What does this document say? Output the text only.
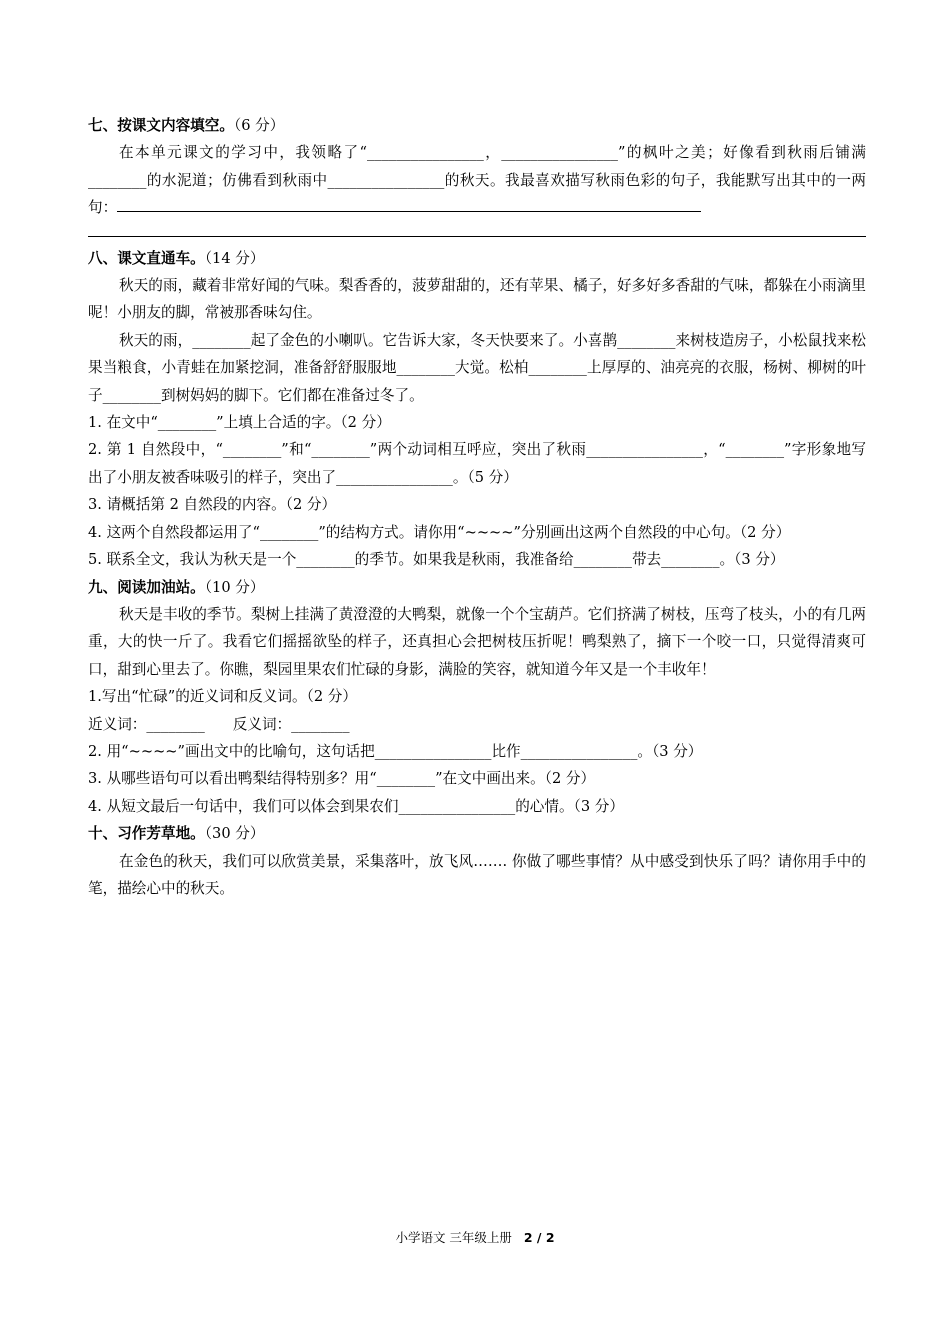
七、按课文内容填空。（6 分）

在本单元课文的学习中，我领略了“________________，________________”的枫叶之美；好像看到秋雨后铺满________的水泥道；仿佛看到秋雨中________________的秋天。我最喜欢描写秋雨色彩的句子，我能默写出其中的一两句：

八、课文直通车。（14 分）

秋天的雨，藏着非常好闻的气味。梨香香的，菠萝甜甜的，还有苹果、橘子，好多好多香甜的气味，都躲在小雨滴里呢！小朋友的脚，常被那香味勾住。

秋天的雨，________起了金色的小喇叭。它告诉大家，冬天快要来了。小喜鹊________来树枝造房子，小松鼠找来松果当粮食，小青蛙在加紧挖洞，准备舒舒服服地________大觉。松柏________上厚厚的、油亮亮的衣服，杨树、柳树的叶子________到树妈妈的脚下。它们都在准备过冬了。

1. 在文中“________”上填上合适的字。（2 分）

2. 第 1 自然段中，“________”和“________”两个动词相互呼应，突出了秋雨________________，“________”字形象地写出了小朋友被香味吸引的样子，突出了________________。（5 分）

3. 请概括第 2 自然段的内容。（2 分）

4. 这两个自然段都运用了“________”的结构方式。请你用“~~~~”分别画出这两个自然段的中心句。（2 分）

5. 联系全文，我认为秋天是一个________的季节。如果我是秋雨，我准备给________带去________。（3 分）

九、阅读加油站。（10 分）

秋天是丰收的季节。梨树上挂满了黄澄澄的大鸭梨，就像一个个宝葫芦。它们挤满了树枝，压弯了枝头，小的有几两重，大的快一斤了。我看它们摇摇欲坠的样子，还真担心会把树枝压折呢！鸭梨熟了，摘下一个咬一口，只觉得清爽可口，甜到心里去了。你瞧，梨园里果农们忙碌的身影，满脸的笑容，就知道今年又是一个丰收年！

1.写出“忙碌”的近义词和反义词。（2 分）

近义词：________ 反义词：________

2. 用“~~~~”画出文中的比喻句，这句话把________________比作________________。（3 分）

3. 从哪些语句可以看出鸭梨结得特别多？用“________”在文中画出来。（2 分）

4. 从短文最后一句话中，我们可以体会到果农们________________的心情。（3 分）

十、习作芳草地。（30 分）

在金色的秋天，我们可以欣赏美景，采集落叶，放飞风……. 你做了哪些事情？从中感受到快乐了吗？请你用手中的笔，描绘心中的秋天。

小学语文 三年级上册 2 / 2
